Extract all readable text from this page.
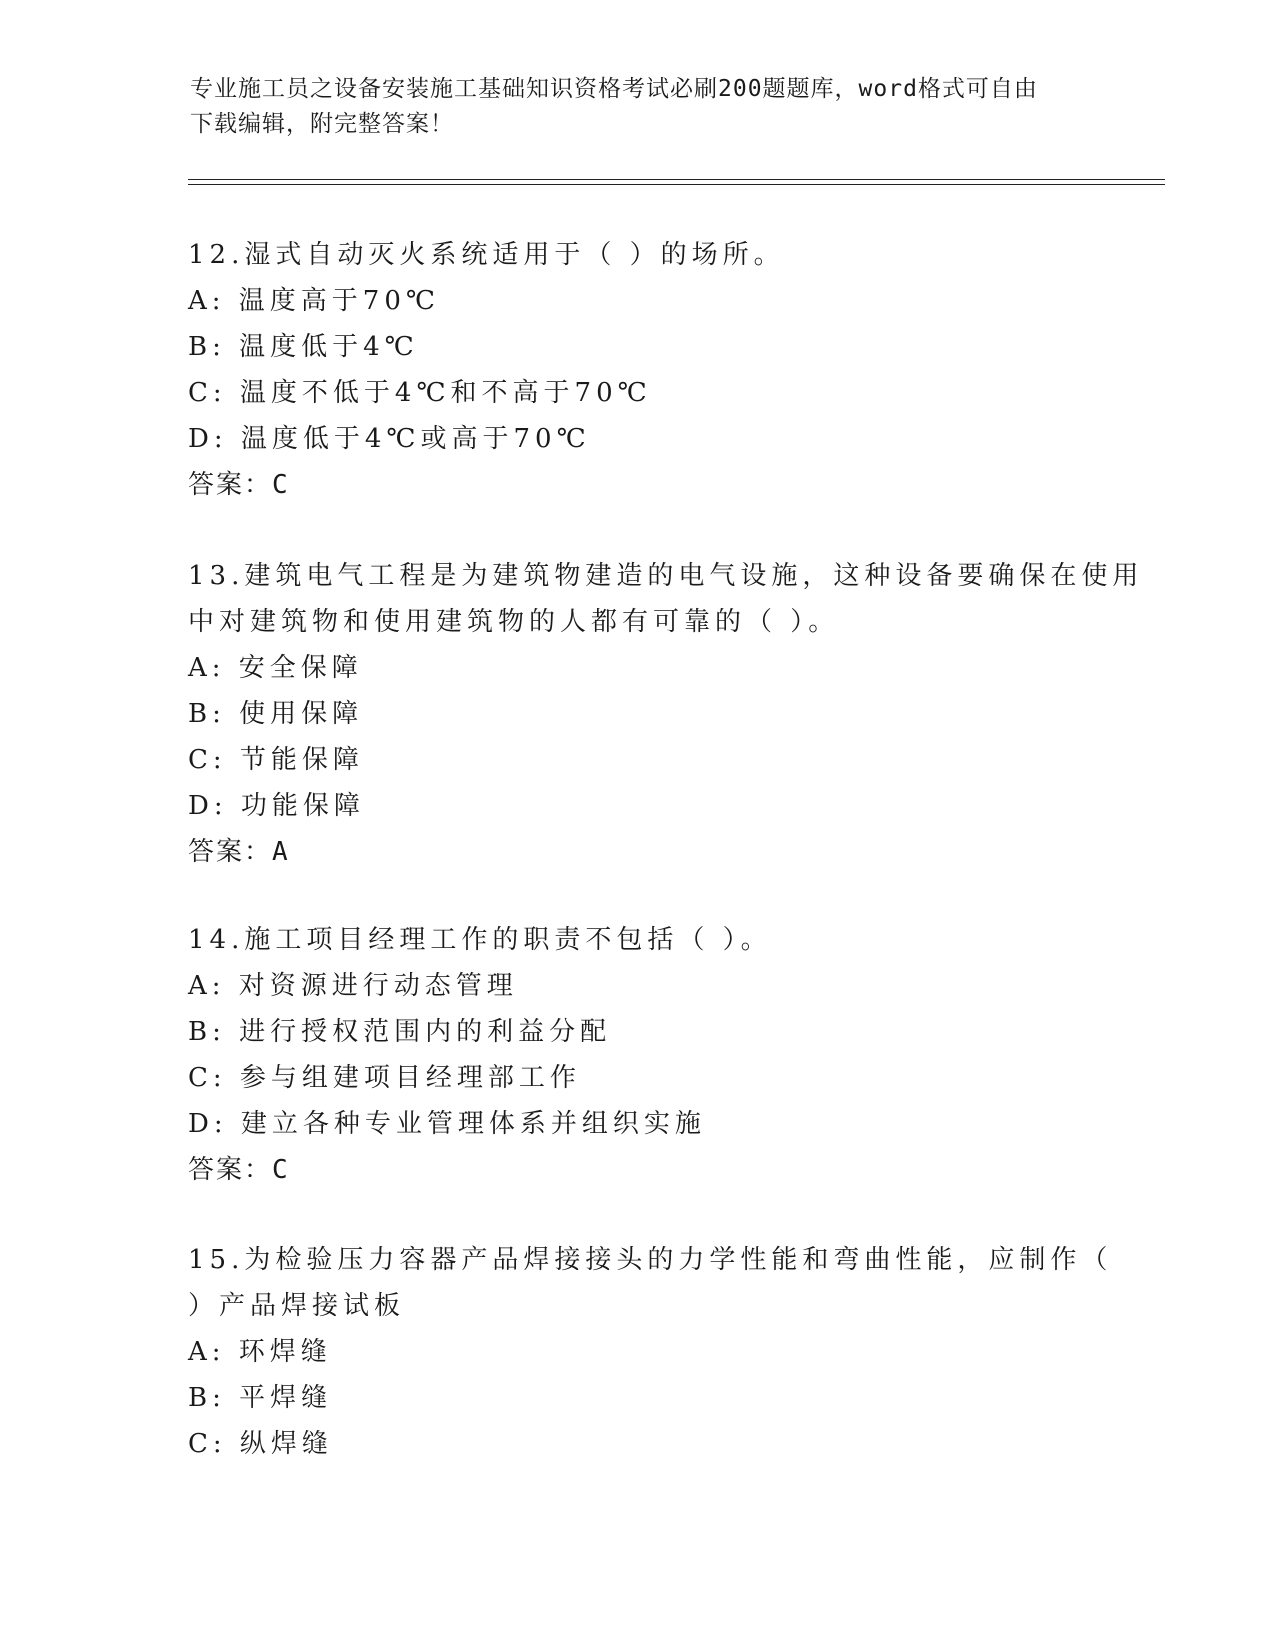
专业施工员之设备安装施工基础知识资格考试必刷200题题库，word格式可自由
下载编辑，附完整答案！
12.湿式自动灭火系统适用于（ ）的场所。
A: 温度高于70℃
B: 温度低于4℃
C: 温度不低于4℃和不高于70℃
D: 温度低于4℃或高于70℃
答案：C
13.建筑电气工程是为建筑物建造的电气设施，这种设备要确保在使用
中对建筑物和使用建筑物的人都有可靠的（ ）。
A: 安全保障
B: 使用保障
C: 节能保障
D: 功能保障
答案：A
14.施工项目经理工作的职责不包括（ ）。
A: 对资源进行动态管理
B: 进行授权范围内的利益分配
C: 参与组建项目经理部工作
D: 建立各种专业管理体系并组织实施
答案：C
15.为检验压力容器产品焊接接头的力学性能和弯曲性能，应制作（
）产品焊接试板
A: 环焊缝
B: 平焊缝
C: 纵焊缝
